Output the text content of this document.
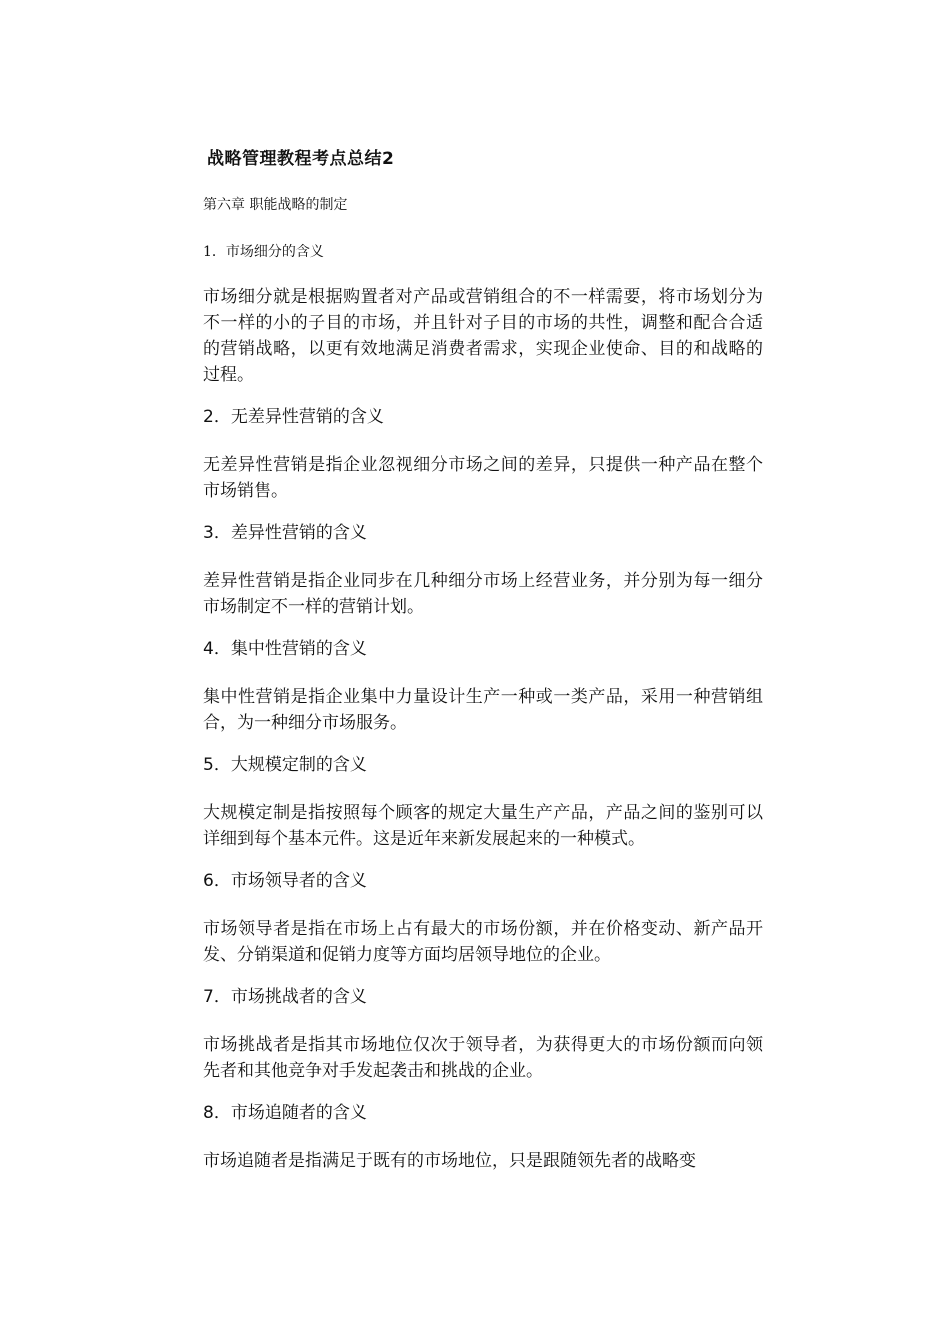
战略管理教程考点总结2
第六章 职能战略的制定
1．市场细分的含义

市场细分就是根据购置者对产品或营销组合的不一样需要，将市场划分为不一样的小的子目的市场，并且针对子目的市场的共性，调整和配合合适的营销战略，以更有效地满足消费者需求，实现企业使命、目的和战略的过程。

2．无差异性营销的含义

无差异性营销是指企业忽视细分市场之间的差异，只提供一种产品在整个市场销售。

3．差异性营销的含义

差异性营销是指企业同步在几种细分市场上经营业务，并分别为每一细分市场制定不一样的营销计划。

4．集中性营销的含义

集中性营销是指企业集中力量设计生产一种或一类产品，采用一种营销组合，为一种细分市场服务。

5．大规模定制的含义

大规模定制是指按照每个顾客的规定大量生产产品，产品之间的鉴别可以详细到每个基本元件。这是近年来新发展起来的一种模式。

6．市场领导者的含义

市场领导者是指在市场上占有最大的市场份额，并在价格变动、新产品开发、分销渠道和促销力度等方面均居领导地位的企业。

7．市场挑战者的含义

市场挑战者是指其市场地位仅次于领导者，为获得更大的市场份额而向领先者和其他竞争对手发起袭击和挑战的企业。

8．市场追随者的含义

市场追随者是指满足于既有的市场地位，只是跟随领先者的战略变
